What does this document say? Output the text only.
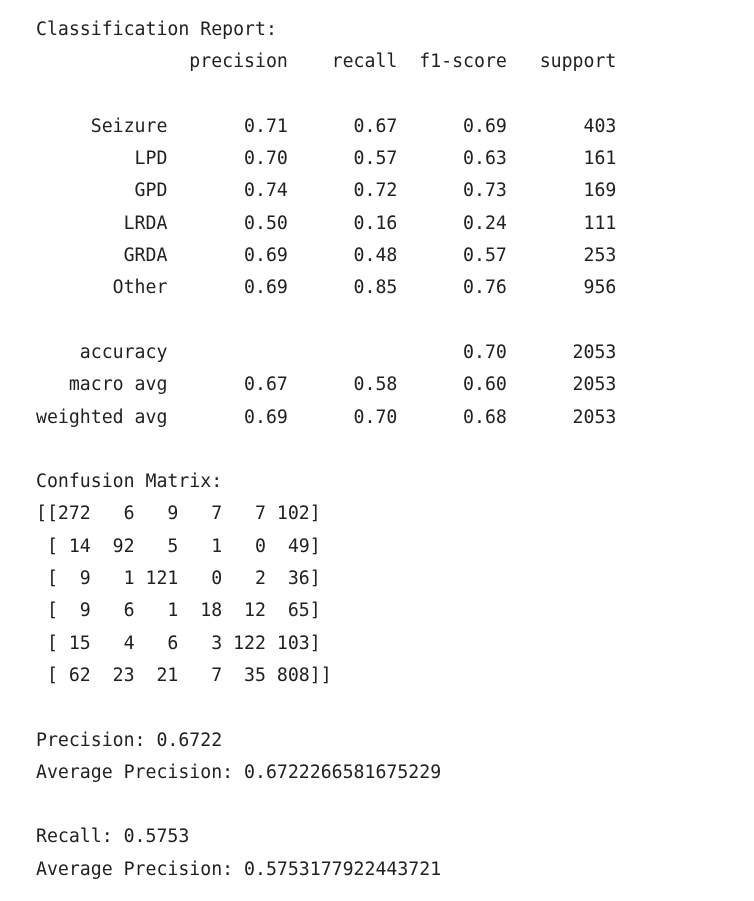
Classification Report:
precision    recall  f1-score   support
Seizure       0.71      0.67      0.69       403
LPD       0.70      0.57      0.63       161
GPD       0.74      0.72      0.73       169
LRDA       0.50      0.16      0.24       111
GRDA       0.69      0.48      0.57       253
Other       0.69      0.85      0.76       956
accuracy                           0.70      2053
macro avg       0.67      0.58      0.60      2053
weighted avg       0.69      0.70      0.68      2053
Confusion Matrix:
[[272   6   9   7   7 102]
[ 14  92   5   1   0  49]
[  9   1 121   0   2  36]
[  9   6   1  18  12  65]
[ 15   4   6   3 122 103]
[ 62  23  21   7  35 808]]
Precision: 0.6722
Average Precision: 0.6722266581675229
Recall: 0.5753
Average Precision: 0.5753177922443721
